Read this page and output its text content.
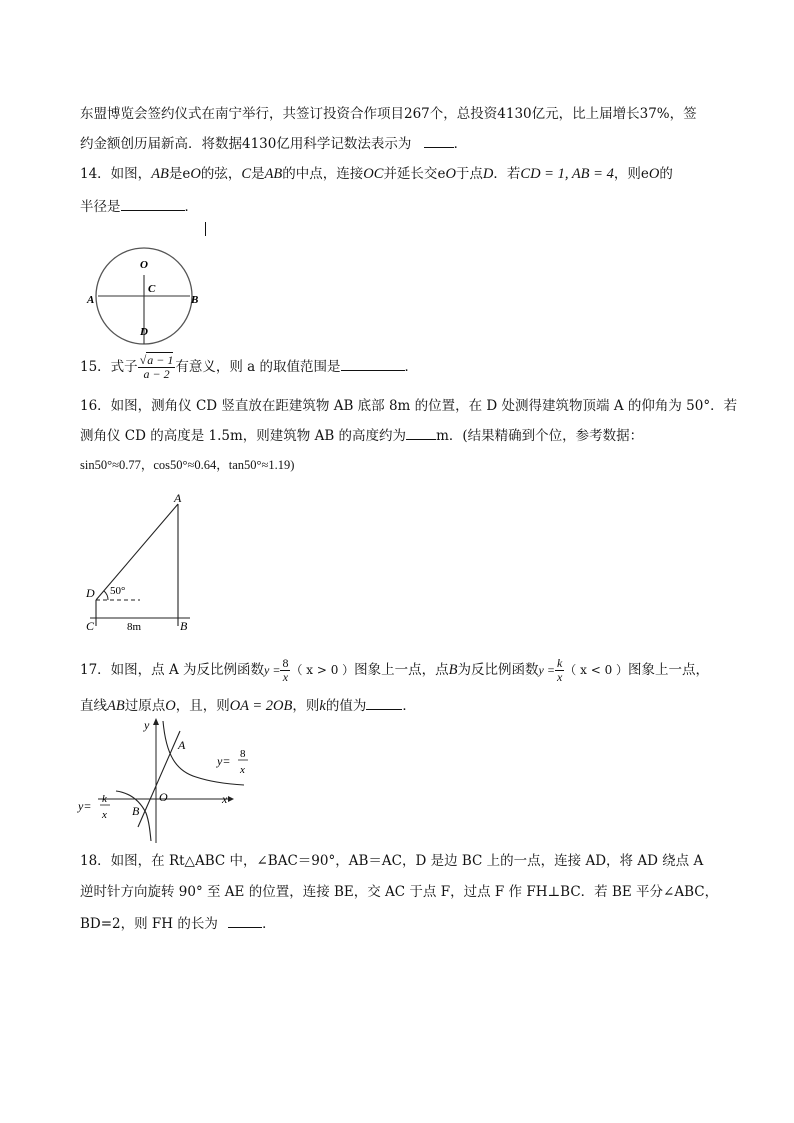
东盟博览会签约仪式在南宁举行，共签订投资合作项目267个，总投资4130亿元，比上届增长37%，签
约金额创历届新高．将数据4130亿用科学记数法表示为	．
14．如图，AB是eO的弦，C是AB的中点，连接OC并延长交eO于点D．若CD = 1, AB = 4，则eO的
半径是	．
O
C
A	B
D
15．式子 $\frac{√a - 1}{a - 2}$ 有意义，则 a 的取值范围是	．
16．如图，测角仪 CD 竖直放在距建筑物 AB 底部 8m 的位置，在 D 处测得建筑物顶端 A 的仰角为 50°．若
测角仪 CD 的高度是 1.5m，则建筑物 AB 的高度约为 m．(结果精确到个位，参考数据：
sin50°≈0.77，cos50°≈0.64，tan50°≈1.19)
A
D 50°
C	B
8m
17．如图，点 A 为反比例函数$y = \frac{8}{x}$ （ x > 0 ）图象上一点，点B为反比例函数$y = \frac{k}{x}$ （ x < 0 ）图象上一点，
直线AB过原点O，且，则OA = 2OB，则k的值为	．
y
x
O
A
B
y= 8
x
y= k
x
18．如图，在 Rt△ABC 中，∠BAC＝90°，AB＝AC，D 是边 BC 上的一点，连接 AD，将 AD 绕点 A
逆时针方向旋转 90° 至 AE 的位置，连接 BE，交 AC 于点 F，过点 F 作 FH⊥BC．若 BE 平分∠ABC，
BD=2，则 FH 的长为	．
